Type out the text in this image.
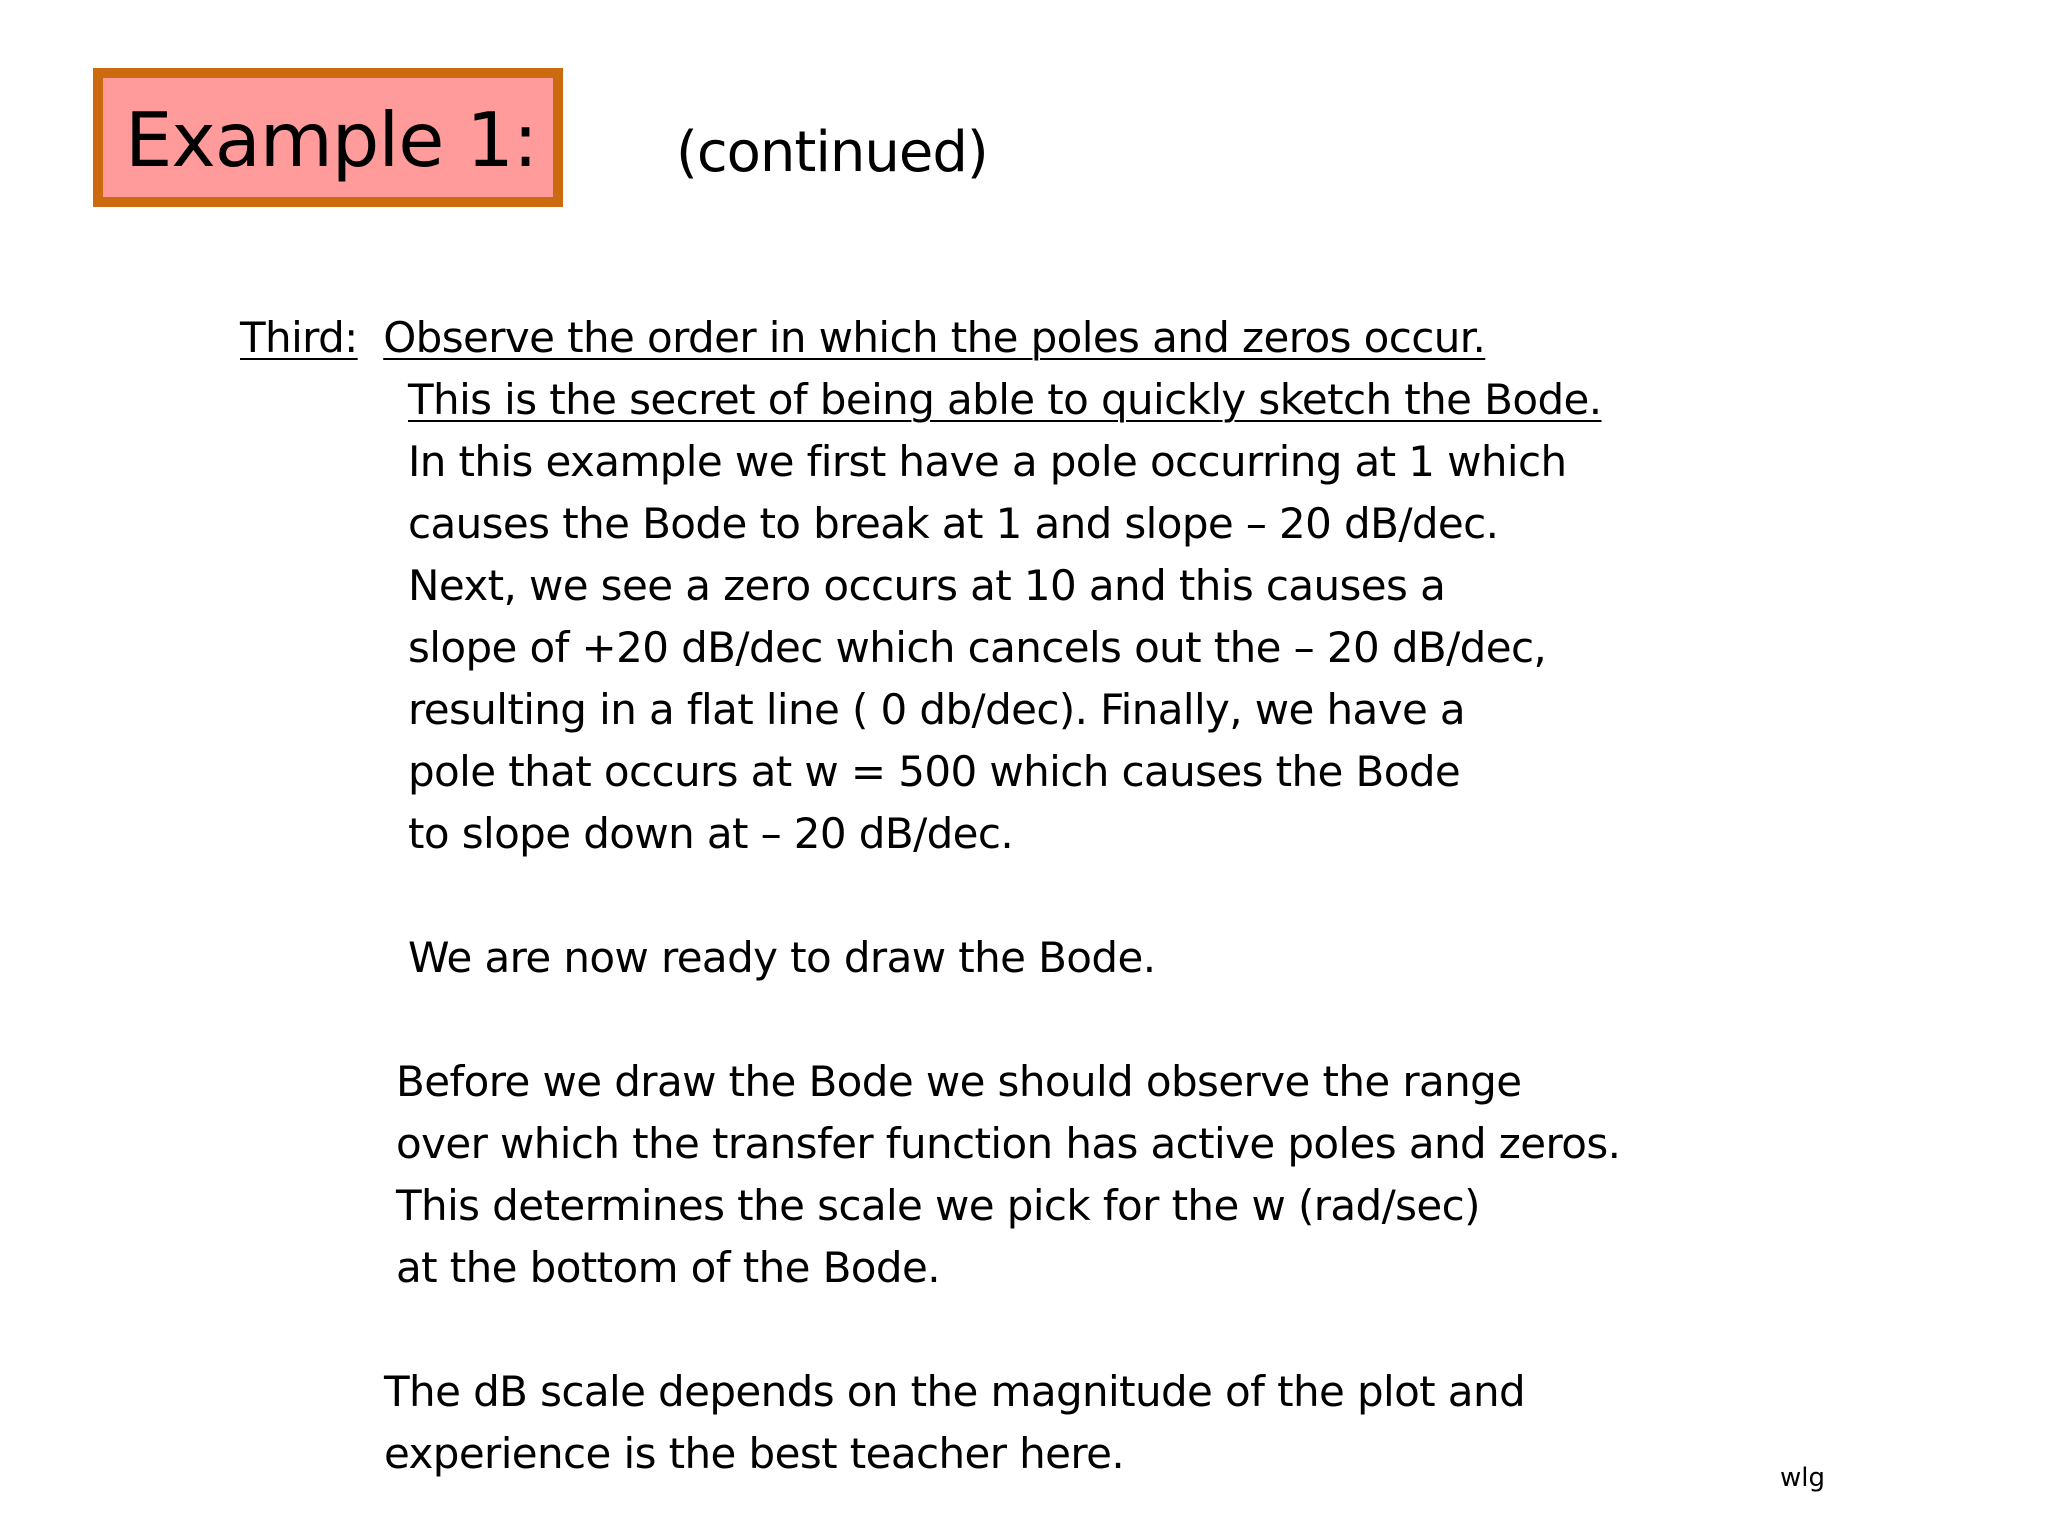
Example 1: (continued)
Third: Observe the order in which the poles and zeros occur.
This is the secret of being able to quickly sketch the Bode.
In this example we first have a pole occurring at 1 which
causes the Bode to break at 1 and slope – 20 dB/dec.
Next, we see a zero occurs at 10 and this causes a
slope of +20 dB/dec which cancels out the – 20 dB/dec,
resulting in a flat line ( 0 db/dec). Finally, we have a
pole that occurs at w = 500 which causes the Bode
to slope down at – 20 dB/dec.
We are now ready to draw the Bode.
Before we draw the Bode we should observe the range
over which the transfer function has active poles and zeros.
This determines the scale we pick for the w (rad/sec)
at the bottom of the Bode.
The dB scale depends on the magnitude of the plot and
experience is the best teacher here.	wlg
